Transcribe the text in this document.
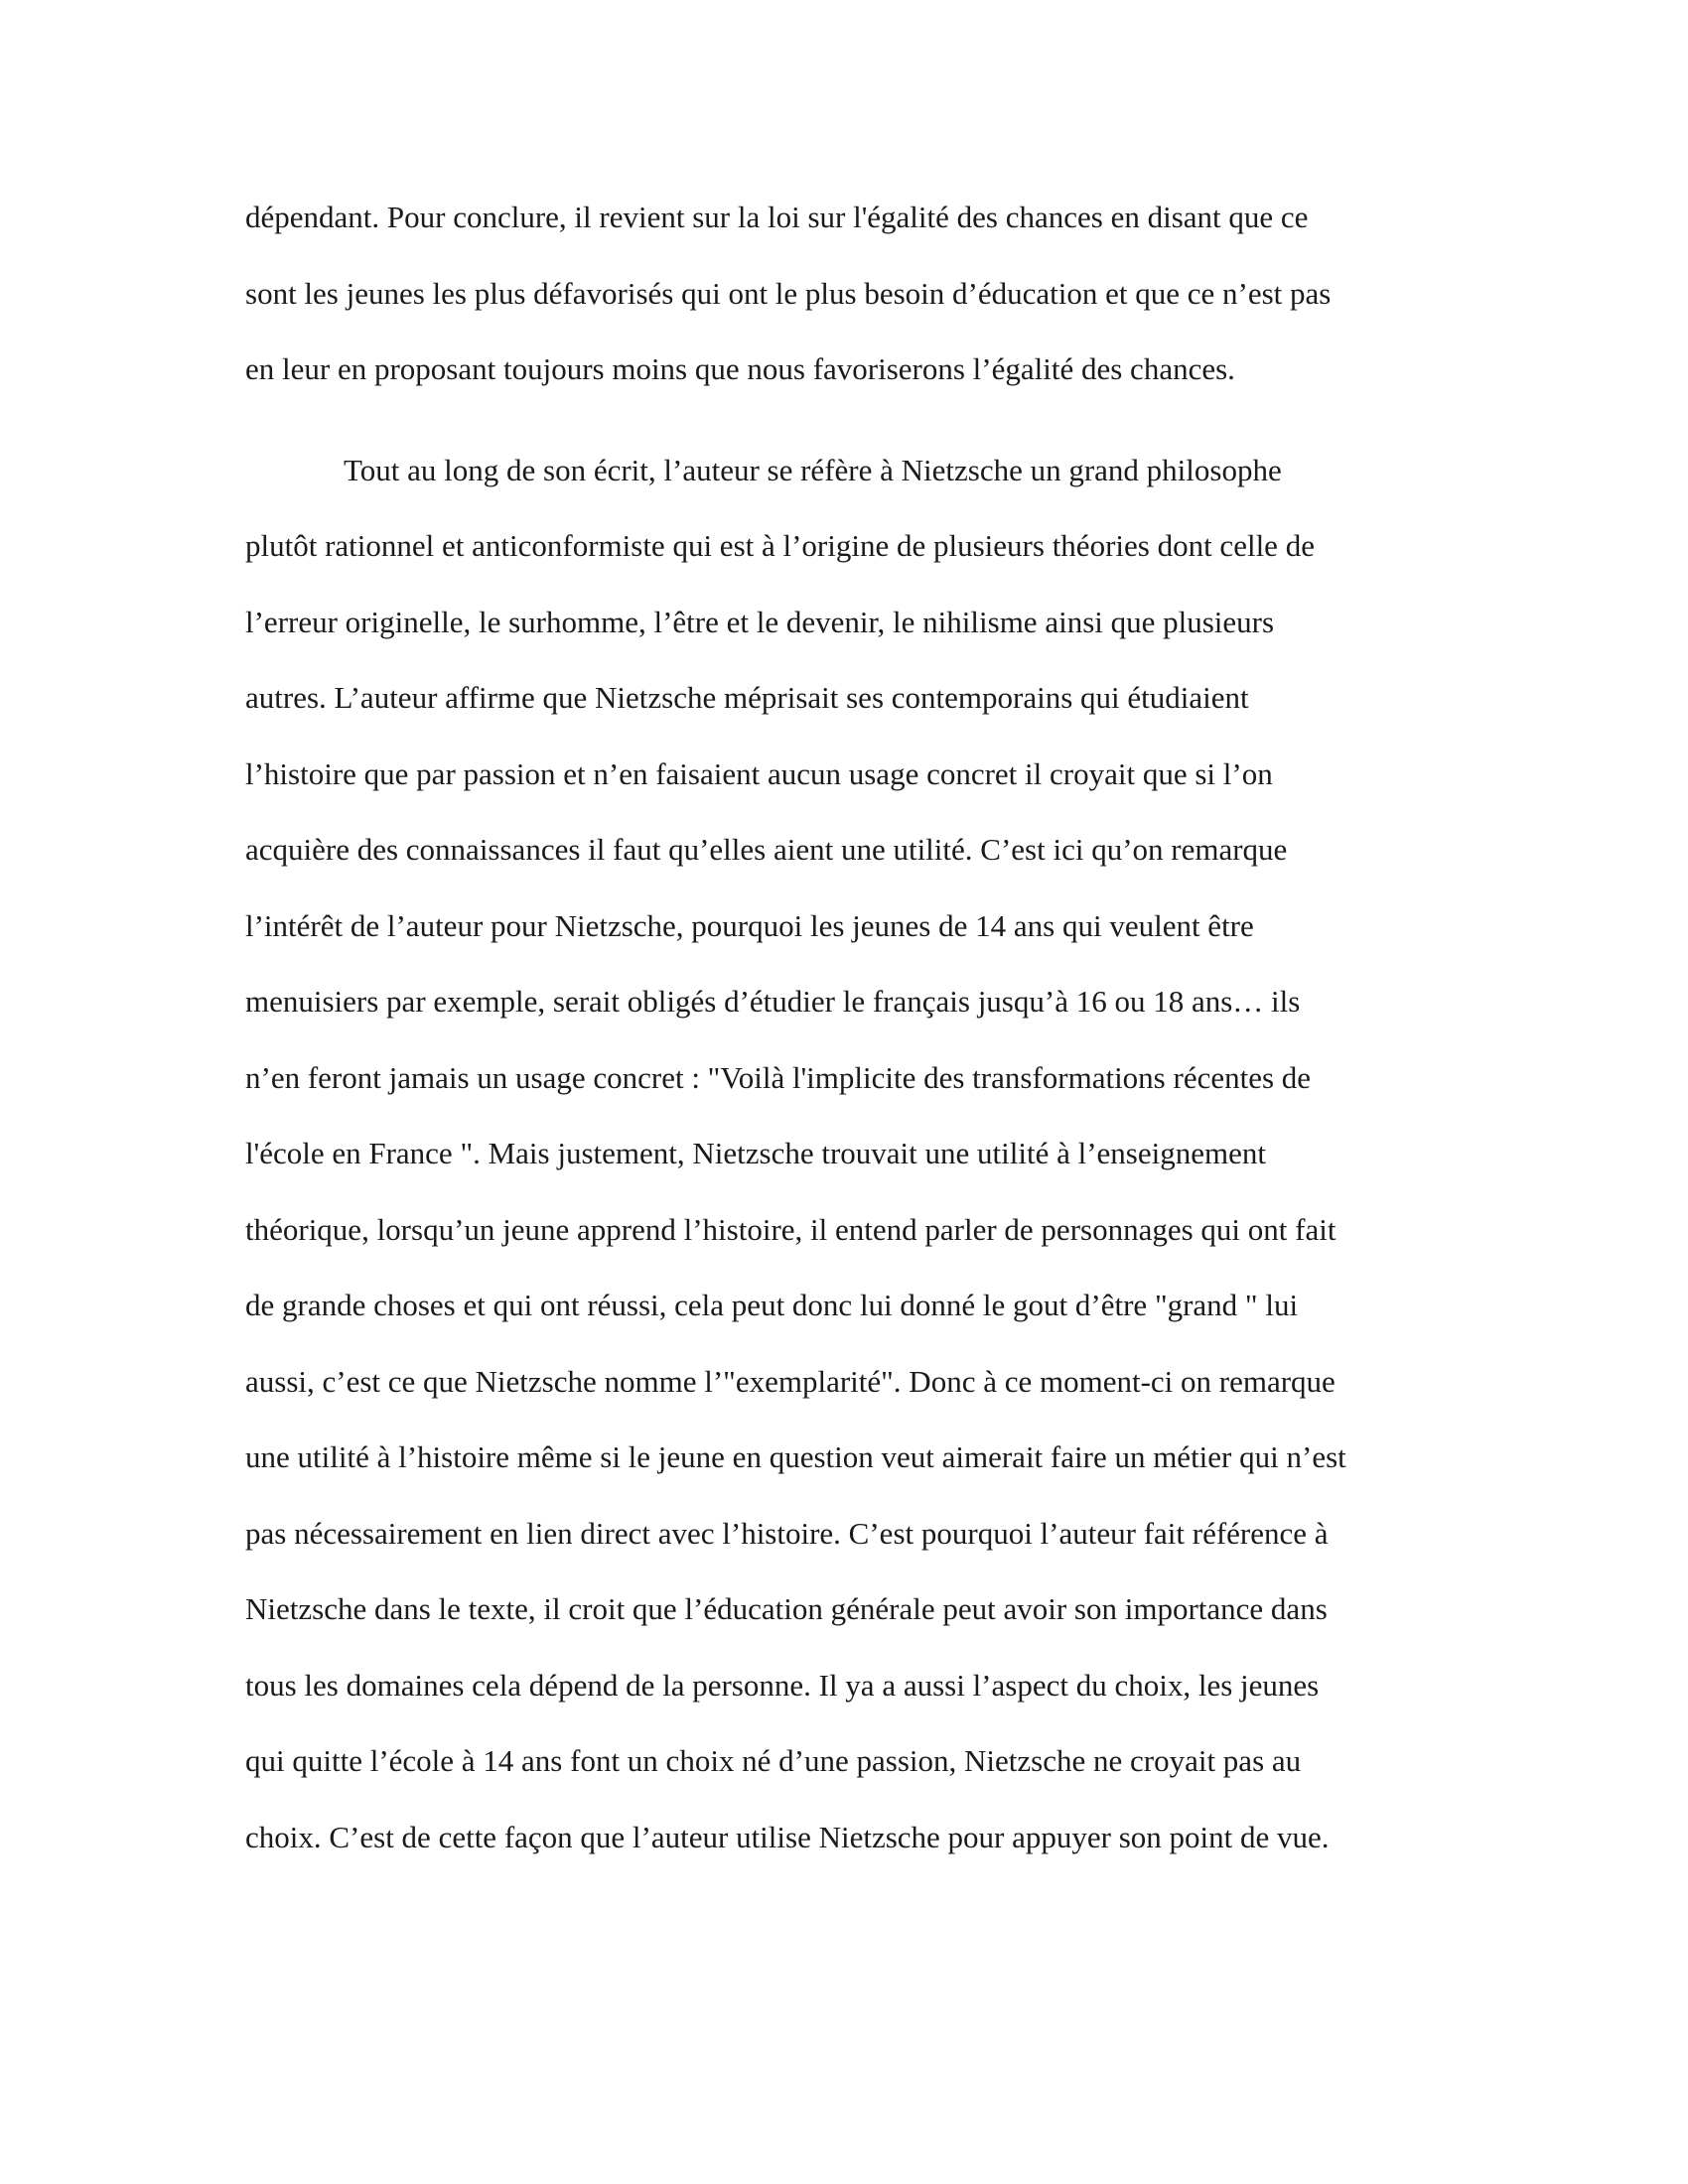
dépendant. Pour conclure, il revient sur la loi sur l'égalité des chances en disant que ce
sont les jeunes les plus défavorisés qui ont le plus besoin d’éducation et que ce n’est pas
en leur en proposant toujours moins que nous favoriserons l’égalité des chances.
Tout au long de son écrit, l’auteur se réfère à Nietzsche un grand philosophe
plutôt rationnel et anticonformiste qui est à l’origine de plusieurs théories dont celle de
l’erreur originelle, le surhomme, l’être et le devenir, le nihilisme ainsi que plusieurs
autres. L’auteur affirme que Nietzsche méprisait ses contemporains qui étudiaient
l’histoire que par passion et n’en faisaient aucun usage concret il croyait que si l’on
acquière des connaissances il faut qu’elles aient une utilité. C’est ici qu’on remarque
l’intérêt de l’auteur pour Nietzsche, pourquoi les jeunes de 14 ans qui veulent être
menuisiers par exemple, serait obligés d’étudier le français jusqu’à 16 ou 18 ans… ils
n’en feront jamais un usage concret : "Voilà l'implicite des transformations récentes de
l'école en France ". Mais justement, Nietzsche trouvait une utilité à l’enseignement
théorique, lorsqu’un jeune apprend l’histoire, il entend parler de personnages qui ont fait
de grande choses et qui ont réussi, cela peut donc lui donné le gout d’être "grand " lui
aussi, c’est ce que Nietzsche nomme l’"exemplarité". Donc à ce moment-ci on remarque
une utilité à l’histoire même si le jeune en question veut aimerait faire un métier qui n’est
pas nécessairement en lien direct avec l’histoire. C’est pourquoi l’auteur fait référence à
Nietzsche dans le texte, il croit que l’éducation générale peut avoir son importance dans
tous les domaines cela dépend de la personne. Il ya a aussi l’aspect du choix, les jeunes
qui quitte l’école à 14 ans font un choix né d’une passion, Nietzsche ne croyait pas au
choix. C’est de cette façon que l’auteur utilise Nietzsche pour appuyer son point de vue.
